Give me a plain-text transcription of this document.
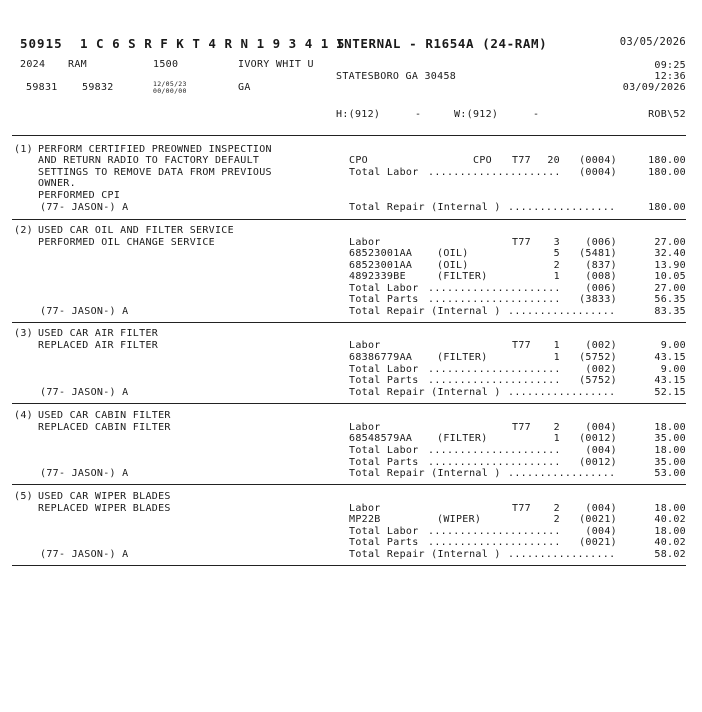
50915 1 C 6 S R F K T 4 R N 1 9 3 4 1 5
INTERNAL - R1654A (24-RAM)	03/05/2026
2024 RAM	1500	IVORY WHIT U	09:25
12:36
STATESBORO GA 30458
03/09/2026
59831 59832	12/05/23
00/00/00	GA
H:(912)	-	W:(912)	-	ROB\52
(1) PERFORM CERTIFIED PREOWNED INSPECTION
AND RETURN RADIO TO FACTORY DEFAULT
SETTINGS TO REMOVE DATA FROM PREVIOUS
OWNER.
PERFORMED CPI
(77- JASON-) A
CPO	CPO T77 20 (0004)	180.00
Total Labor ..................... (0004)	180.00
Total Repair (Internal ) .................	180.00
(2) USED CAR OIL AND FILTER SERVICE
PERFORMED OIL CHANGE SERVICE
(77- JASON-) A
Labor	T77 3	(006)	27.00
68523001AA (OIL)	5 (5481)	32.40
68523001AA (OIL)	2	(837)	13.90
4892339BE	(FILTER)	1	(008)	10.05
Total Labor ..................... (006)	27.00
Total Parts ..................... (3833)	56.35
Total Repair (Internal ) .................	83.35
(3) USED CAR AIR FILTER
REPLACED AIR FILTER
(77- JASON-) A
Labor	T77 1	(002)	9.00
68386779AA (FILTER)	1 (5752)	43.15
Total Labor ..................... (002)	9.00
Total Parts ..................... (5752)	43.15
Total Repair (Internal ) .................	52.15
(4) USED CAR CABIN FILTER
REPLACED CABIN FILTER
(77- JASON-) A
Labor	T77 2	(004)	18.00
68548579AA (FILTER)	1 (0012)	35.00
Total Labor ..................... (004)	18.00
Total Parts ..................... (0012)	35.00
Total Repair (Internal ) .................	53.00
(5) USED CAR WIPER BLADES
REPLACED WIPER BLADES
(77- JASON-) A
Labor	T77 2	(004)	18.00
MP22B	(WIPER)	2 (0021)	40.02
Total Labor ..................... (004)	18.00
Total Parts ..................... (0021)	40.02
Total Repair (Internal ) .................	58.02
